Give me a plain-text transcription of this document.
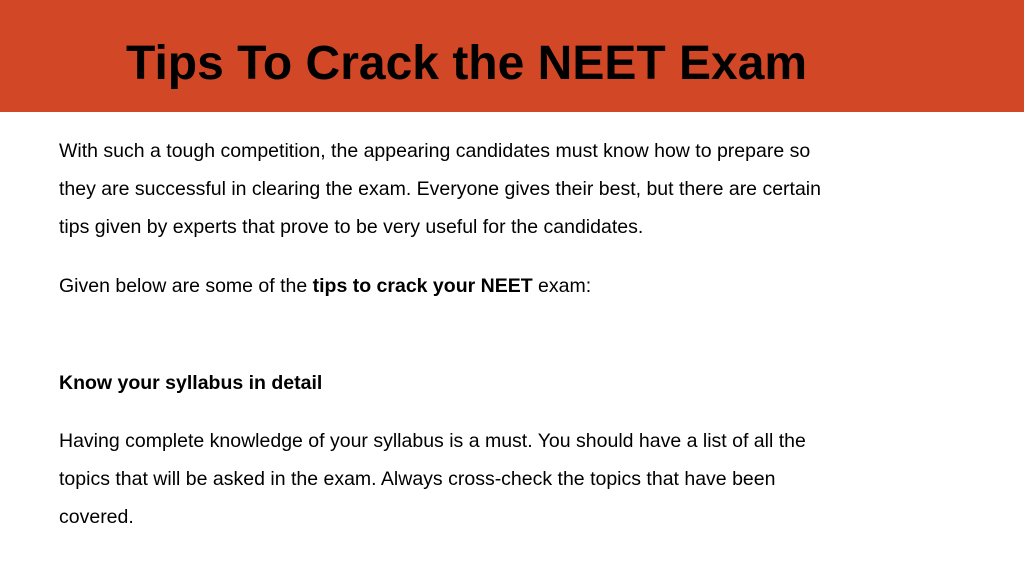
Tips To Crack the NEET Exam

With such a tough competition, the appearing candidates must know how to prepare so
they are successful in clearing the exam. Everyone gives their best, but there are certain
tips given by experts that prove to be very useful for the candidates.

Given below are some of the tips to crack your NEET exam:

Know your syllabus in detail

Having complete knowledge of your syllabus is a must. You should have a list of all the
topics that will be asked in the exam. Always cross-check the topics that have been
covered.
